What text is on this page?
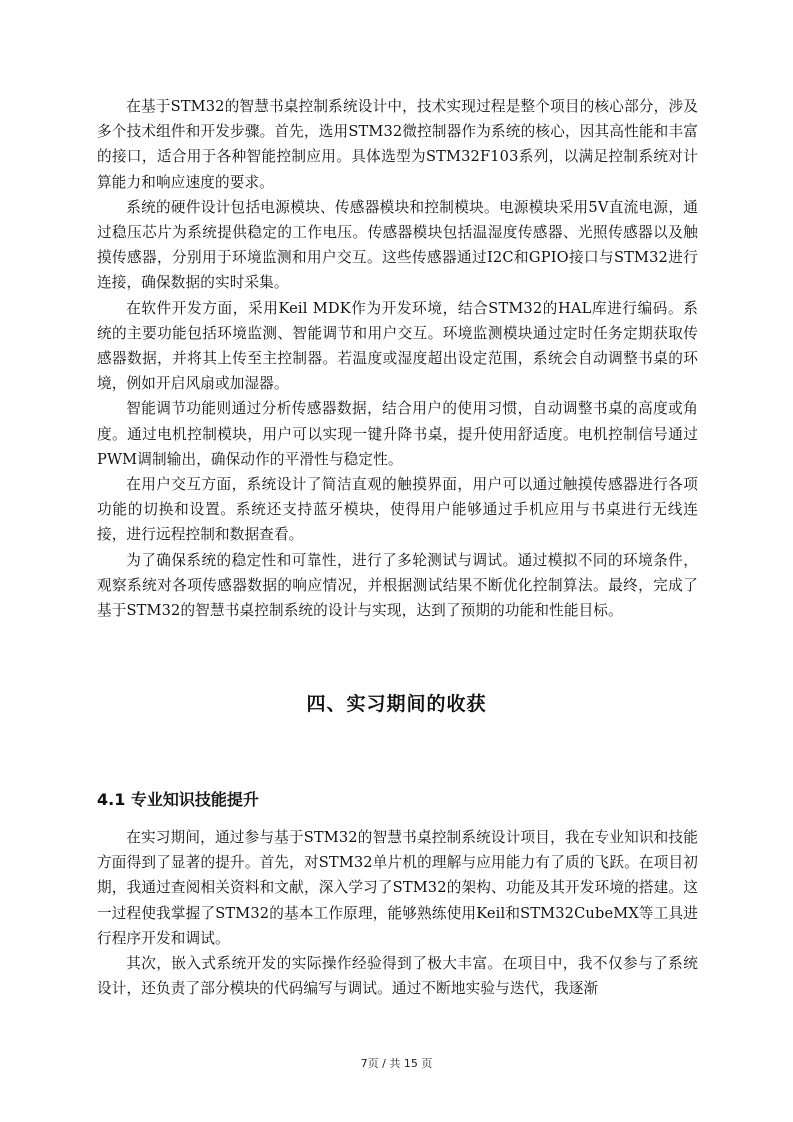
在基于STM32的智慧书桌控制系统设计中，技术实现过程是整个项目的核心部分，涉及多个技术组件和开发步骤。首先，选用STM32微控制器作为系统的核心，因其高性能和丰富的接口，适合用于各种智能控制应用。具体选型为STM32F103系列，以满足控制系统对计算能力和响应速度的要求。

系统的硬件设计包括电源模块、传感器模块和控制模块。电源模块采用5V直流电源，通过稳压芯片为系统提供稳定的工作电压。传感器模块包括温湿度传感器、光照传感器以及触摸传感器，分别用于环境监测和用户交互。这些传感器通过I2C和GPIO接口与STM32进行连接，确保数据的实时采集。

在软件开发方面，采用Keil MDK作为开发环境，结合STM32的HAL库进行编码。系统的主要功能包括环境监测、智能调节和用户交互。环境监测模块通过定时任务定期获取传感器数据，并将其上传至主控制器。若温度或湿度超出设定范围，系统会自动调整书桌的环境，例如开启风扇或加湿器。

智能调节功能则通过分析传感器数据，结合用户的使用习惯，自动调整书桌的高度或角度。通过电机控制模块，用户可以实现一键升降书桌，提升使用舒适度。电机控制信号通过PWM调制输出，确保动作的平滑性与稳定性。

在用户交互方面，系统设计了简洁直观的触摸界面，用户可以通过触摸传感器进行各项功能的切换和设置。系统还支持蓝牙模块，使得用户能够通过手机应用与书桌进行无线连接，进行远程控制和数据查看。

为了确保系统的稳定性和可靠性，进行了多轮测试与调试。通过模拟不同的环境条件，观察系统对各项传感器数据的响应情况，并根据测试结果不断优化控制算法。最终，完成了基于STM32的智慧书桌控制系统的设计与实现，达到了预期的功能和性能目标。

四、实习期间的收获
4.1 专业知识技能提升

在实习期间，通过参与基于STM32的智慧书桌控制系统设计项目，我在专业知识和技能方面得到了显著的提升。首先，对STM32单片机的理解与应用能力有了质的飞跃。在项目初期，我通过查阅相关资料和文献，深入学习了STM32的架构、功能及其开发环境的搭建。这一过程使我掌握了STM32的基本工作原理，能够熟练使用Keil和STM32CubeMX等工具进行程序开发和调试。

其次，嵌入式系统开发的实际操作经验得到了极大丰富。在项目中，我不仅参与了系统设计，还负责了部分模块的代码编写与调试。通过不断地实验与迭代，我逐渐

7页 / 共 15 页
